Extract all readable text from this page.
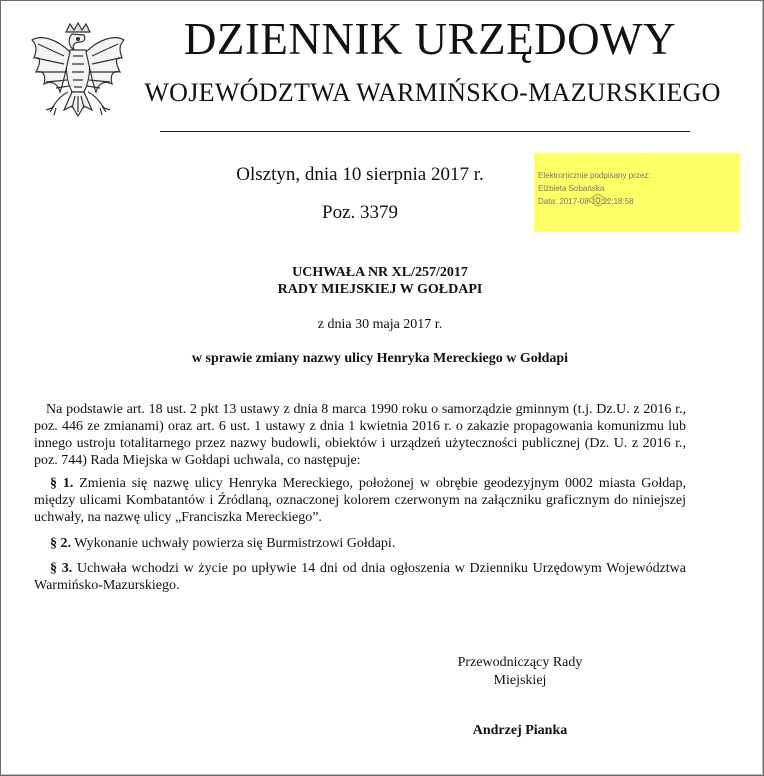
DZIENNIK URZĘDOWY
WOJEWÓDZTWA WARMIŃSKO-MAZURSKIEGO
Olsztyn, dnia 10 sierpnia 2017 r.
Poz. 3379
Elektronicznie podpisany przez:
Elżbieta Sobańska
Data: 2017-08-10 12:18:58
UCHWAŁA NR XL/257/2017
RADY MIEJSKIEJ W GOŁDAPI
z dnia 30 maja 2017 r.
w sprawie zmiany nazwy ulicy Henryka Mereckiego w Gołdapi
Na podstawie art. 18 ust. 2 pkt 13 ustawy z dnia 8 marca 1990 roku o samorządzie gminnym (t.j. Dz.U. z 2016 r., poz. 446 ze zmianami) oraz art. 6 ust. 1 ustawy z dnia 1 kwietnia 2016 r. o zakazie propagowania komunizmu lub innego ustroju totalitarnego przez nazwy budowli, obiektów i urządzeń użyteczności publicznej (Dz. U. z 2016 r., poz. 744) Rada Miejska w Gołdapi uchwala, co następuje:
§ 1. Zmienia się nazwę ulicy Henryka Mereckiego, położonej w obrębie geodezyjnym 0002 miasta Gołdap, między ulicami Kombatantów i Źródlaną, oznaczonej kolorem czerwonym na załączniku graficznym do niniejszej uchwały, na nazwę ulicy „Franciszka Mereckiego”.
§ 2. Wykonanie uchwały powierza się Burmistrzowi Gołdapi.
§ 3. Uchwała wchodzi w życie po upływie 14 dni od dnia ogłoszenia w Dzienniku Urzędowym Województwa Warmińsko-Mazurskiego.
Przewodniczący Rady
Miejskiej
Andrzej Pianka
